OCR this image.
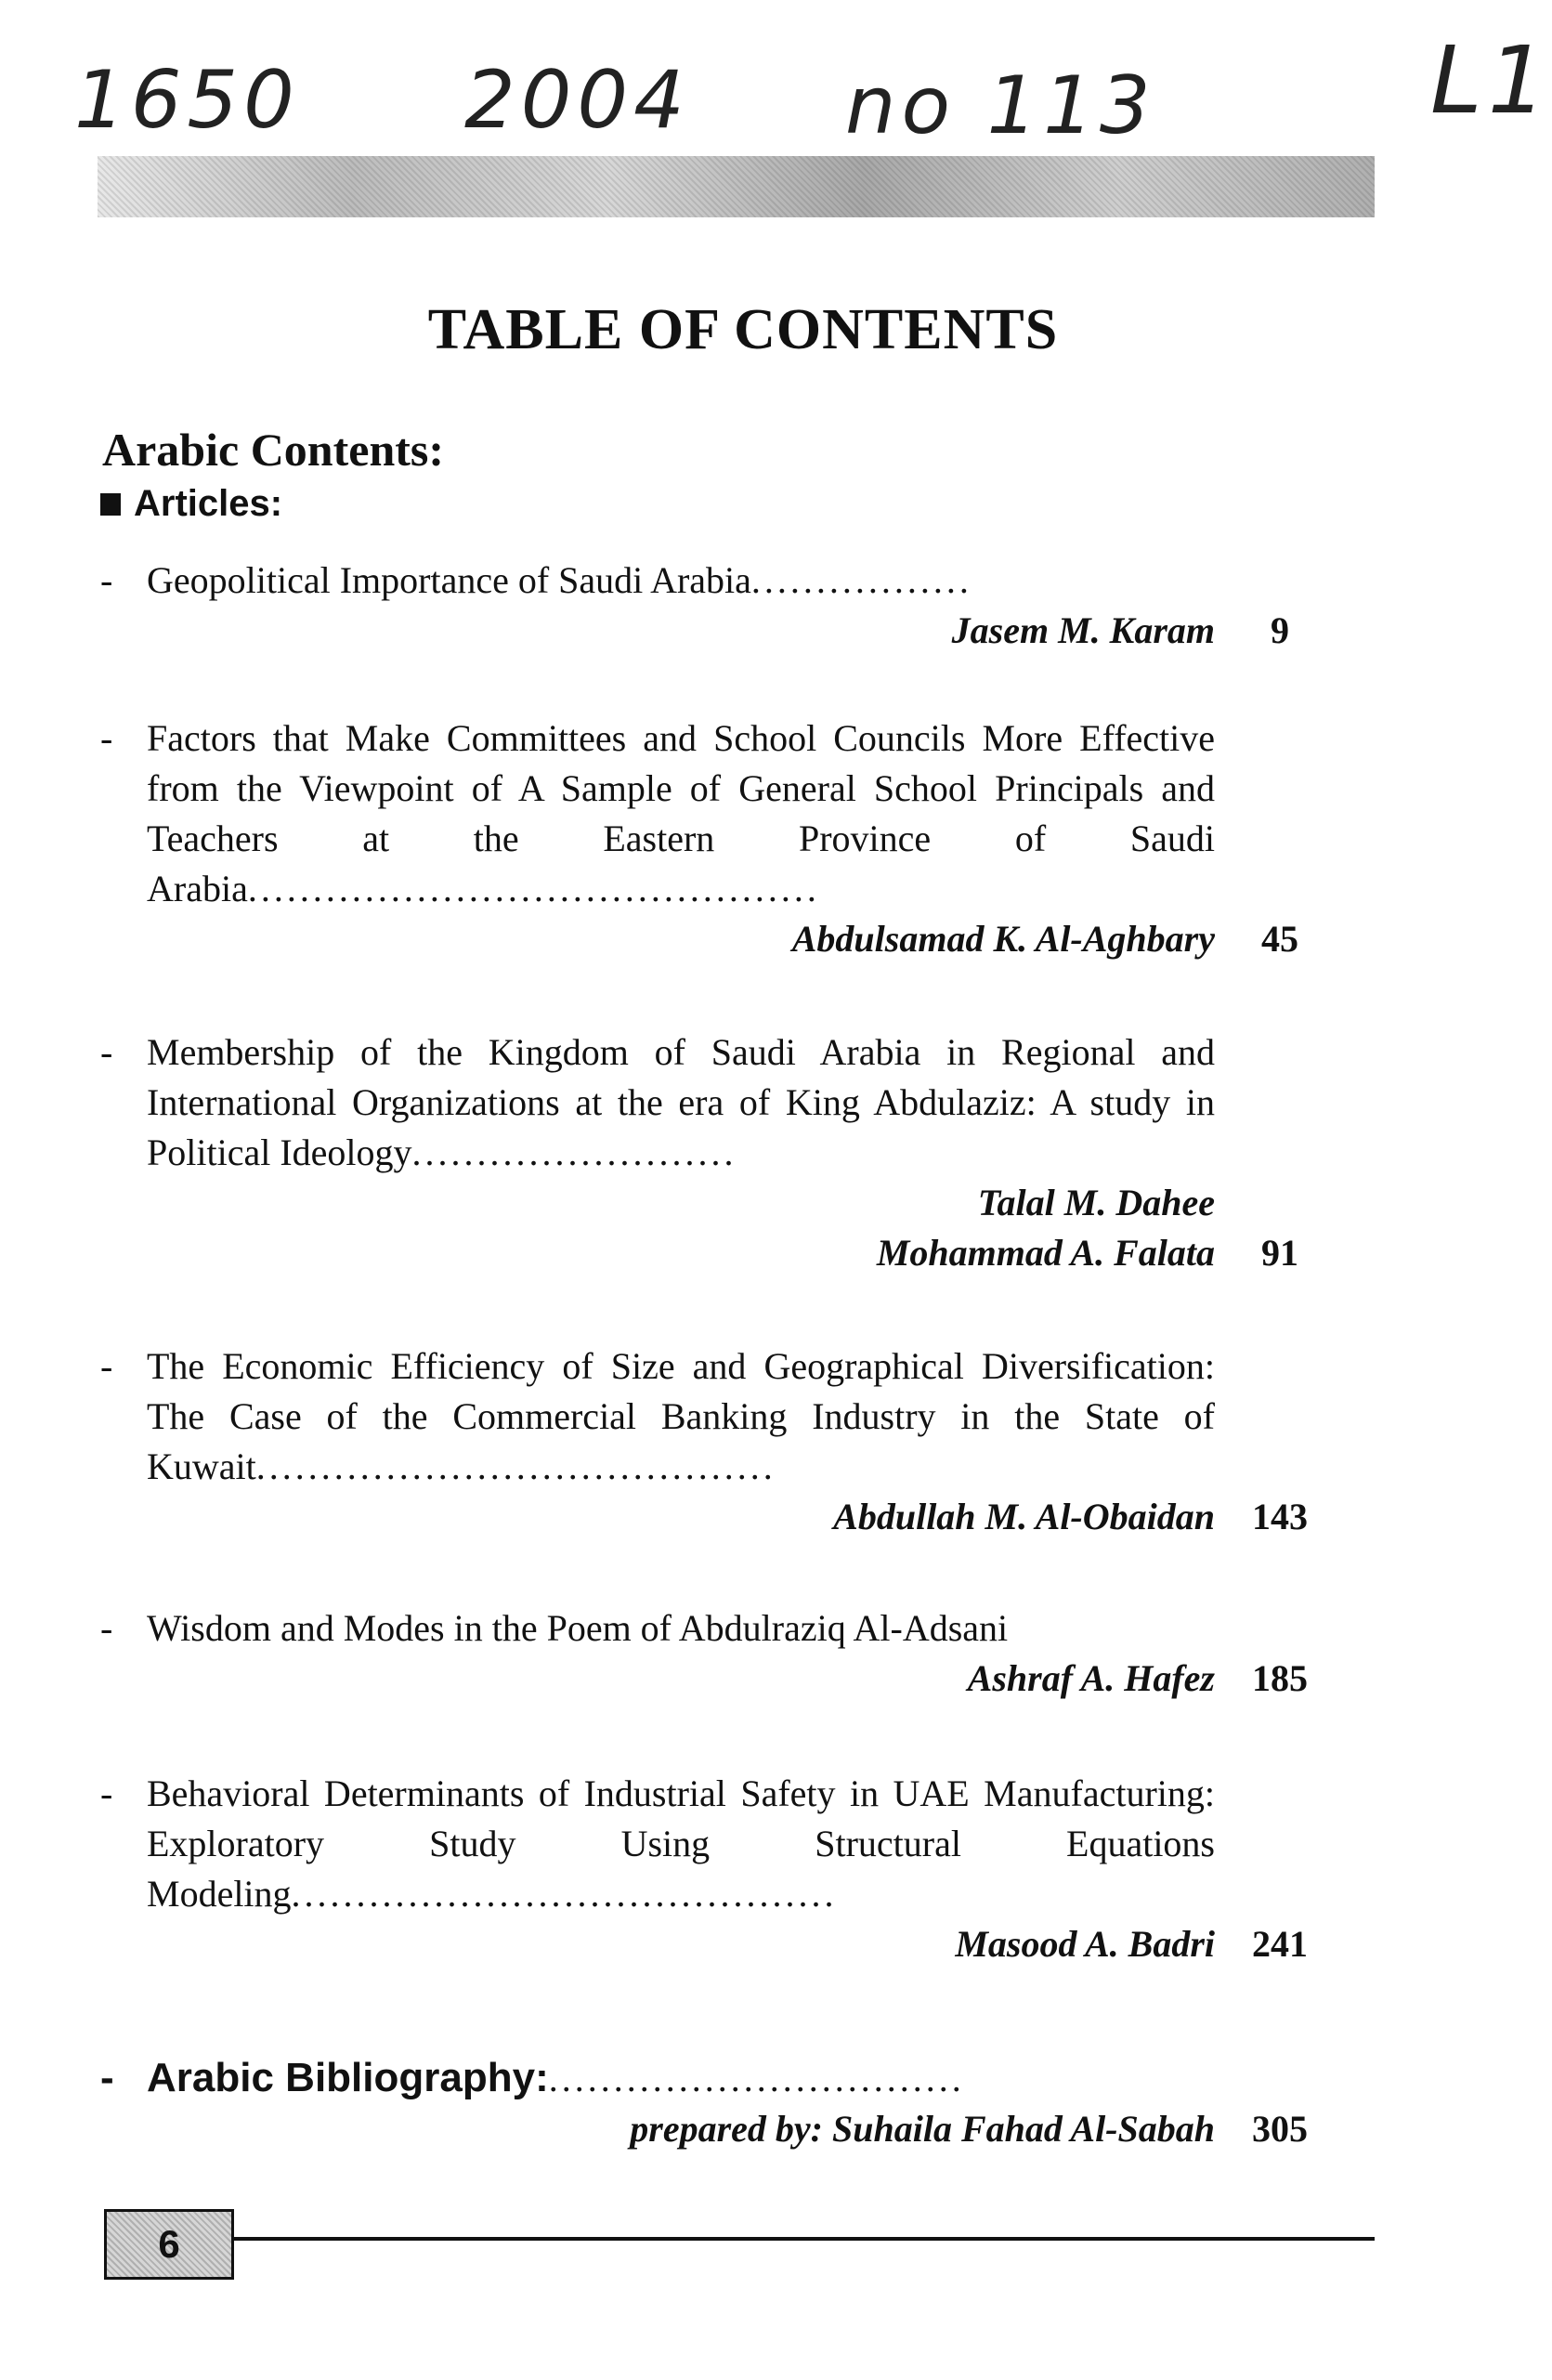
1650 2004 no 113	L1
TABLE OF CONTENTS
Arabic Contents:
Articles:
- Geopolitical Importance of Saudi Arabia.................
Jasem M. Karam	9
- Factors that Make Committees and School Councils More Effective from the Viewpoint of A Sample of General School Principals and Teachers at the Eastern Province of Saudi Arabia............................................
Abdulsamad K. Al-Aghbary	45
- Membership of the Kingdom of Saudi Arabia in Regional and International Organizations at the era of King Abdulaziz: A study in Political Ideology.........................
Talal M. Dahee
Mohammad A. Falata	91
- The Economic Efficiency of Size and Geographical Diversification: The Case of the Commercial Banking Industry in the State of Kuwait........................................
Abdullah M. Al-Obaidan	143
- Wisdom and Modes in the Poem of Abdulraziq Al-Adsani
Ashraf A. Hafez	185
- Behavioral Determinants of Industrial Safety in UAE Manufacturing: Exploratory Study Using Structural Equations Modeling..........................................
Masood A. Badri	241
- Arabic Bibliography:................................
prepared by: Suhaila Fahad Al-Sabah	305
6
